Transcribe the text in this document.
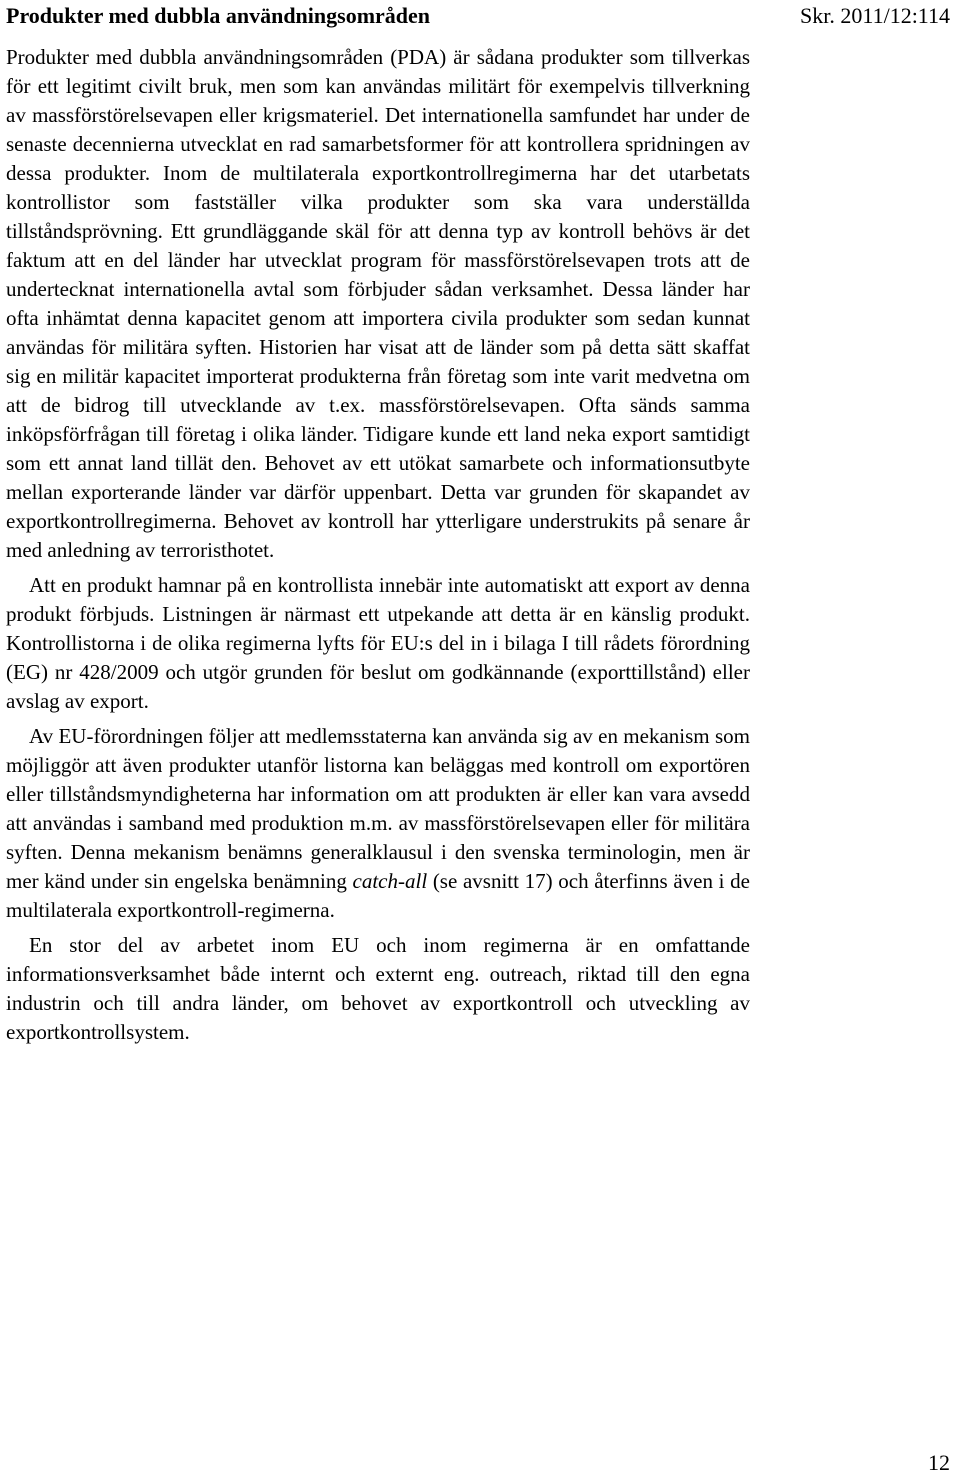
Produkter med dubbla användningsområden	Skr. 2011/12:114

Produkter med dubbla användningsområden (PDA) är sådana produkter som tillverkas för ett legitimt civilt bruk, men som kan användas militärt för exempelvis tillverkning av massförstörelsevapen eller krigsmateriel. Det internationella samfundet har under de senaste decennierna utvecklat en rad samarbetsformer för att kontrollera spridningen av dessa produkter. Inom de multilaterala exportkontrollregimerna har det utarbetats kontrollistor som fastställer vilka produkter som ska vara underställda tillståndsprövning. Ett grundläggande skäl för att denna typ av kontroll behövs är det faktum att en del länder har utvecklat program för massförstörelsevapen trots att de undertecknat internationella avtal som förbjuder sådan verksamhet. Dessa länder har ofta inhämtat denna kapacitet genom att importera civila produkter som sedan kunnat användas för militära syften. Historien har visat att de länder som på detta sätt skaffat sig en militär kapacitet importerat produkterna från företag som inte varit medvetna om att de bidrog till utvecklande av t.ex. massförstörelsevapen. Ofta sänds samma inköpsförfrågan till företag i olika länder. Tidigare kunde ett land neka export samtidigt som ett annat land tillät den. Behovet av ett utökat samarbete och informationsutbyte mellan exporterande länder var därför uppenbart. Detta var grunden för skapandet av exportkontrollregimerna. Behovet av kontroll har ytterligare understrukits på senare år med anledning av terroristhotet.

Att en produkt hamnar på en kontrollista innebär inte automatiskt att export av denna produkt förbjuds. Listningen är närmast ett utpekande att detta är en känslig produkt. Kontrollistorna i de olika regimerna lyfts för EU:s del in i bilaga I till rådets förordning (EG) nr 428/2009 och utgör grunden för beslut om godkännande (exporttillstånd) eller avslag av export.

Av EU-förordningen följer att medlemsstaterna kan använda sig av en mekanism som möjliggör att även produkter utanför listorna kan beläggas med kontroll om exportören eller tillståndsmyndigheterna har information om att produkten är eller kan vara avsedd att användas i samband med produktion m.m. av massförstörelsevapen eller för militära syften. Denna mekanism benämns generalklausul i den svenska terminologin, men är mer känd under sin engelska benämning catch-all (se avsnitt 17) och återfinns även i de multilaterala exportkontroll-regimerna.

En stor del av arbetet inom EU och inom regimerna är en omfattande informationsverksamhet både internt och externt eng. outreach, riktad till den egna industrin och till andra länder, om behovet av exportkontroll och utveckling av exportkontrollsystem.

12
